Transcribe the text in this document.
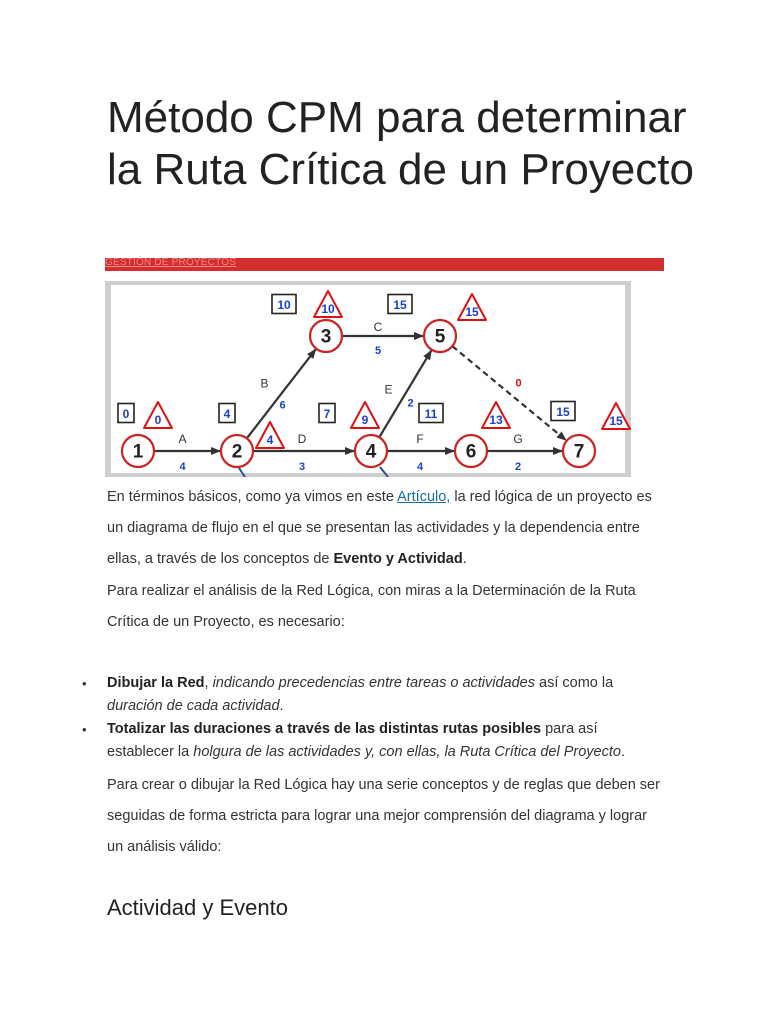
Método CPM para determinar la Ruta Crítica de un Proyecto
GESTIÓN DE PROYECTOS
A
4
B
6
D
3
C
5
E
2
F
4
G
2
0
1
0 0
2
4
4
3
10	10
4
7	9
5
15	15
6
11	13
7
15
15

En términos básicos, como ya vimos en este Artículo, la red lógica de un proyecto es un diagrama de flujo en el que se presentan las actividades y la dependencia entre ellas, a través de los conceptos de Evento y Actividad.

Para realizar el análisis de la Red Lógica, con miras a la Determinación de la Ruta Crítica de un Proyecto, es necesario:

• Dibujar la Red, indicando precedencias entre tareas o actividades así como la duración de cada actividad.
• Totalizar las duraciones a través de las distintas rutas posibles para así establecer la holgura de las actividades y, con ellas, la Ruta Crítica del Proyecto.

Para crear o dibujar la Red Lógica hay una serie conceptos y de reglas que deben ser seguidas de forma estricta para lograr una mejor comprensión del diagrama y lograr un análisis válido:

Actividad y Evento
